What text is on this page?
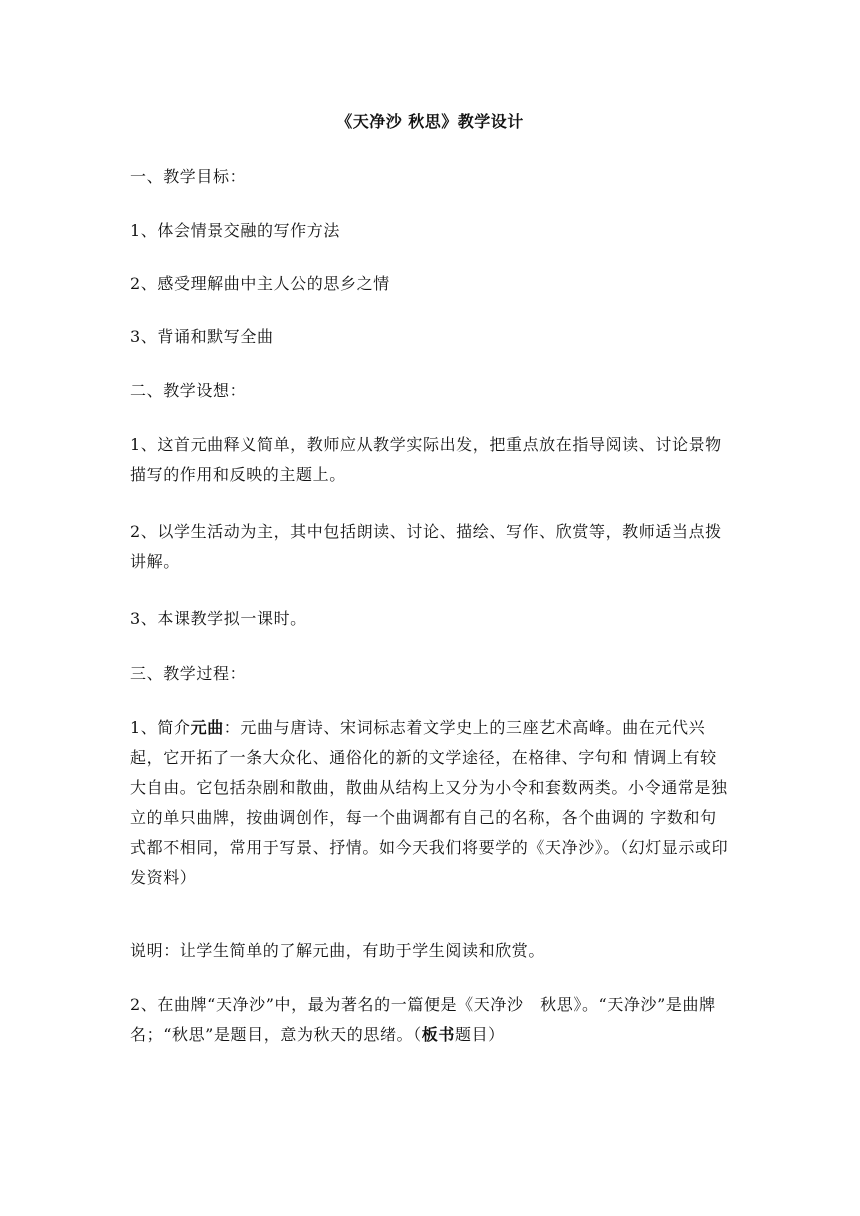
《天净沙 秋思》教学设计

一、教学目标：

1、体会情景交融的写作方法

2、感受理解曲中主人公的思乡之情

3、背诵和默写全曲

二、教学设想：

1、这首元曲释义简单，教师应从教学实际出发，把重点放在指导阅读、讨论景物描写的作用和反映的主题上。

2、以学生活动为主，其中包括朗读、讨论、描绘、写作、欣赏等，教师适当点拨讲解。

3、本课教学拟一课时。

三、教学过程：

1、简介元曲：元曲与唐诗、宋词标志着文学史上的三座艺术高峰。曲在元代兴起，它开拓了一条大众化、通俗化的新的文学途径，在格律、字句和 情调上有较大自由。它包括杂剧和散曲，散曲从结构上又分为小令和套数两类。小令通常是独立的单只曲牌，按曲调创作，每一个曲调都有自己的名称，各个曲调的 字数和句式都不相同，常用于写景、抒情。如今天我们将要学的《天净沙》。（幻灯显示或印发资料）

说明：让学生简单的了解元曲，有助于学生阅读和欣赏。

2、在曲牌“天净沙”中，最为著名的一篇便是《天净沙　秋思》。“天净沙”是曲牌名；“秋思”是题目，意为秋天的思绪。（板书题目）
